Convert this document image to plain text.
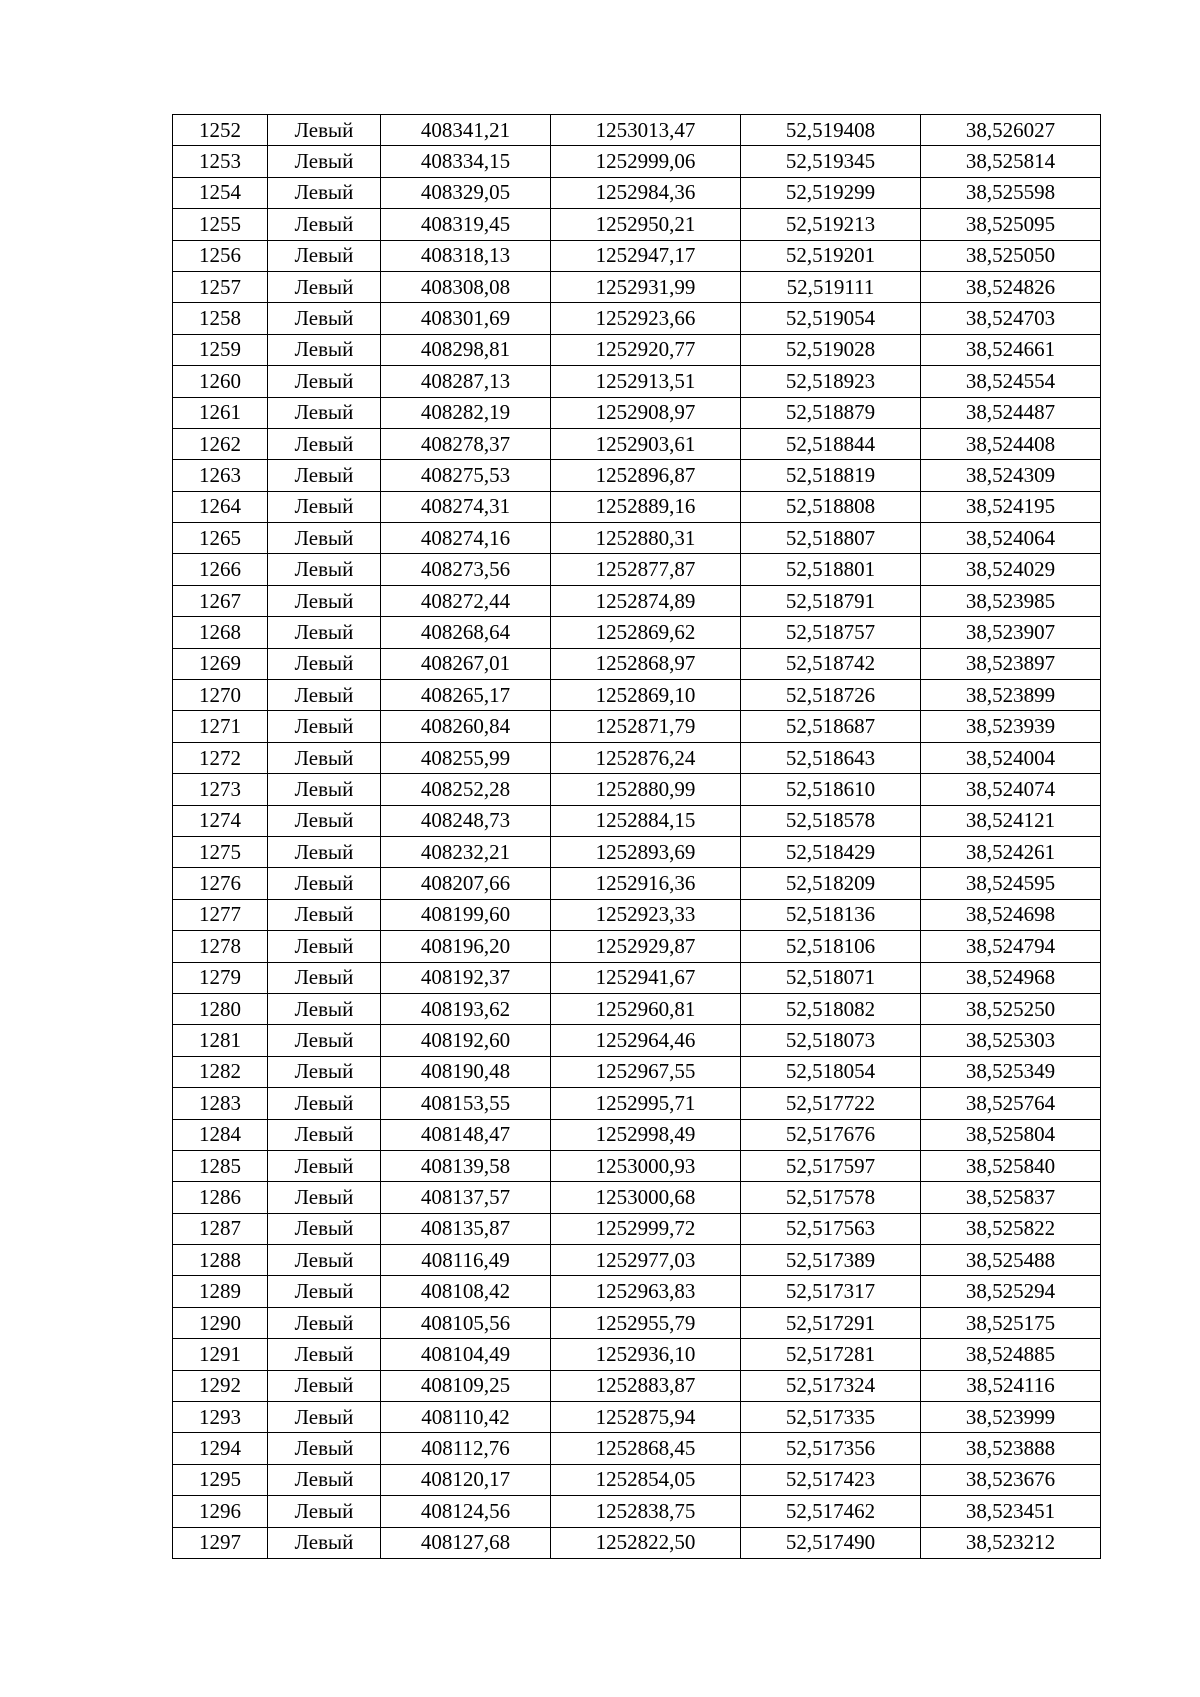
1252	Левый	408341,21	1253013,47	52,519408	38,526027
1253	Левый	408334,15	1252999,06	52,519345	38,525814
1254	Левый	408329,05	1252984,36	52,519299	38,525598
1255	Левый	408319,45	1252950,21	52,519213	38,525095
1256	Левый	408318,13	1252947,17	52,519201	38,525050
1257	Левый	408308,08	1252931,99	52,519111	38,524826
1258	Левый	408301,69	1252923,66	52,519054	38,524703
1259	Левый	408298,81	1252920,77	52,519028	38,524661
1260	Левый	408287,13	1252913,51	52,518923	38,524554
1261	Левый	408282,19	1252908,97	52,518879	38,524487
1262	Левый	408278,37	1252903,61	52,518844	38,524408
1263	Левый	408275,53	1252896,87	52,518819	38,524309
1264	Левый	408274,31	1252889,16	52,518808	38,524195
1265	Левый	408274,16	1252880,31	52,518807	38,524064
1266	Левый	408273,56	1252877,87	52,518801	38,524029
1267	Левый	408272,44	1252874,89	52,518791	38,523985
1268	Левый	408268,64	1252869,62	52,518757	38,523907
1269	Левый	408267,01	1252868,97	52,518742	38,523897
1270	Левый	408265,17	1252869,10	52,518726	38,523899
1271	Левый	408260,84	1252871,79	52,518687	38,523939
1272	Левый	408255,99	1252876,24	52,518643	38,524004
1273	Левый	408252,28	1252880,99	52,518610	38,524074
1274	Левый	408248,73	1252884,15	52,518578	38,524121
1275	Левый	408232,21	1252893,69	52,518429	38,524261
1276	Левый	408207,66	1252916,36	52,518209	38,524595
1277	Левый	408199,60	1252923,33	52,518136	38,524698
1278	Левый	408196,20	1252929,87	52,518106	38,524794
1279	Левый	408192,37	1252941,67	52,518071	38,524968
1280	Левый	408193,62	1252960,81	52,518082	38,525250
1281	Левый	408192,60	1252964,46	52,518073	38,525303
1282	Левый	408190,48	1252967,55	52,518054	38,525349
1283	Левый	408153,55	1252995,71	52,517722	38,525764
1284	Левый	408148,47	1252998,49	52,517676	38,525804
1285	Левый	408139,58	1253000,93	52,517597	38,525840
1286	Левый	408137,57	1253000,68	52,517578	38,525837
1287	Левый	408135,87	1252999,72	52,517563	38,525822
1288	Левый	408116,49	1252977,03	52,517389	38,525488
1289	Левый	408108,42	1252963,83	52,517317	38,525294
1290	Левый	408105,56	1252955,79	52,517291	38,525175
1291	Левый	408104,49	1252936,10	52,517281	38,524885
1292	Левый	408109,25	1252883,87	52,517324	38,524116
1293	Левый	408110,42	1252875,94	52,517335	38,523999
1294	Левый	408112,76	1252868,45	52,517356	38,523888
1295	Левый	408120,17	1252854,05	52,517423	38,523676
1296	Левый	408124,56	1252838,75	52,517462	38,523451
1297	Левый	408127,68	1252822,50	52,517490	38,523212
